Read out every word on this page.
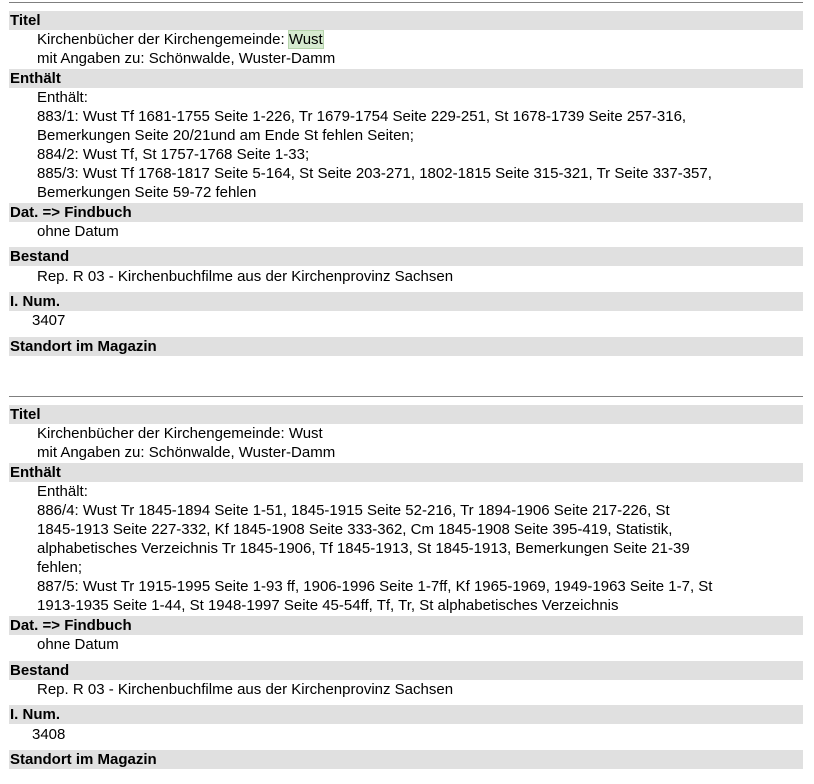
Titel
Kirchenbücher der Kirchengemeinde: Wust
mit Angaben zu: Schönwalde, Wuster-Damm
Enthält
Enthält:
883/1: Wust Tf 1681-1755 Seite 1-226, Tr 1679-1754 Seite 229-251, St 1678-1739 Seite 257-316,
Bemerkungen Seite 20/21und am Ende St fehlen Seiten;
884/2: Wust Tf, St 1757-1768 Seite 1-33;
885/3: Wust Tf 1768-1817 Seite 5-164, St Seite 203-271, 1802-1815 Seite 315-321, Tr Seite 337-357,
Bemerkungen Seite 59-72 fehlen
Dat. => Findbuch
ohne Datum
Bestand
Rep. R 03 - Kirchenbuchfilme aus der Kirchenprovinz Sachsen
I. Num.
3407
Standort im Magazin
Titel
Kirchenbücher der Kirchengemeinde: Wust
mit Angaben zu: Schönwalde, Wuster-Damm
Enthält
Enthält:
886/4: Wust Tr 1845-1894 Seite 1-51, 1845-1915 Seite 52-216, Tr 1894-1906 Seite 217-226, St
1845-1913 Seite 227-332, Kf 1845-1908 Seite 333-362, Cm 1845-1908 Seite 395-419, Statistik,
alphabetisches Verzeichnis Tr 1845-1906, Tf 1845-1913, St 1845-1913, Bemerkungen Seite 21-39
fehlen;
887/5: Wust Tr 1915-1995 Seite 1-93 ff, 1906-1996 Seite 1-7ff, Kf 1965-1969, 1949-1963 Seite 1-7, St
1913-1935 Seite 1-44, St 1948-1997 Seite 45-54ff, Tf, Tr, St alphabetisches Verzeichnis
Dat. => Findbuch
ohne Datum
Bestand
Rep. R 03 - Kirchenbuchfilme aus der Kirchenprovinz Sachsen
I. Num.
3408
Standort im Magazin
